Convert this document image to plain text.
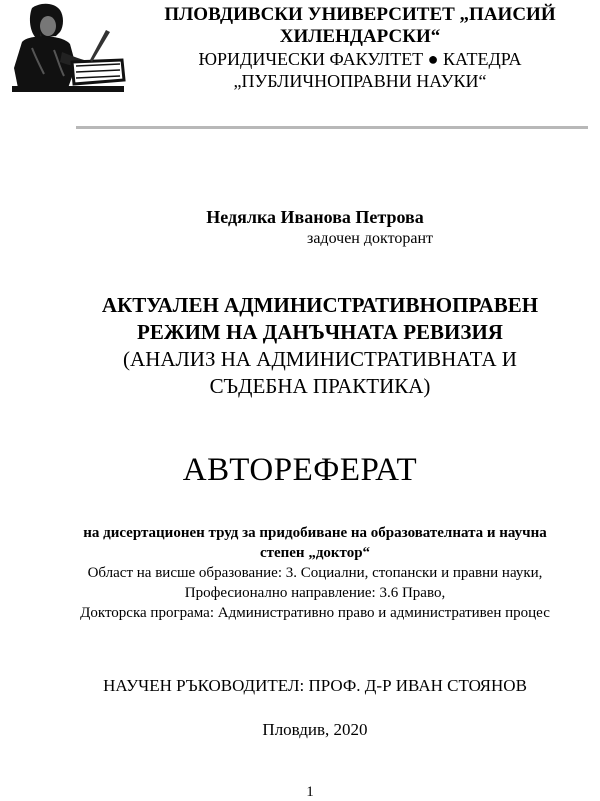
ПЛОВДИВСКИ УНИВЕРСИТЕТ „ПАИСИЙ
ХИЛЕНДАРСКИ“
ЮРИДИЧЕСКИ ФАКУЛТЕТ ● КАТЕДРА
„ПУБЛИЧНОПРАВНИ НАУКИ“
Недялка Иванова Петрова
задочен докторант
АКТУАЛЕН АДМИНИСТРАТИВНОПРАВЕН
РЕЖИМ НА ДАНЪЧНАТА РЕВИЗИЯ
(АНАЛИЗ НА АДМИНИСТРАТИВНАТА И
СЪДЕБНА ПРАКТИКА)
АВТОРЕФЕРАТ
на дисертационен труд за придобиване на образователната и научна
степен „доктор“
Област на висше образование: 3. Социални, стопански и правни науки,
Професионално направление: 3.6 Право,
Докторска програма: Административно право и административен процес
НАУЧЕН РЪКОВОДИТЕЛ: ПРОФ. Д-Р ИВАН СТОЯНОВ
Пловдив, 2020
1
